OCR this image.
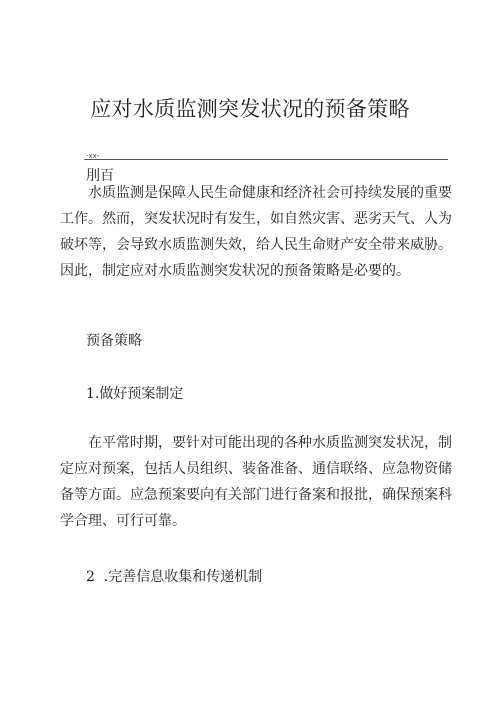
应对水质监测突发状况的预备策略
-xx-
刖百

水质监测是保障人民生命健康和经济社会可持续发展的重要工作。然而，突发状况时有发生，如自然灾害、恶劣天气、人为破坏等，会导致水质监测失效，给人民生命财产安全带来威胁。因此，制定应对水质监测突发状况的预备策略是必要的。

预备策略
1.做好预案制定

在平常时期，要针对可能出现的各种水质监测突发状况，制定应对预案，包括人员组织、装备准备、通信联络、应急物资储备等方面。应急预案要向有关部门进行备案和报批，确保预案科学合理、可行可靠。

2  .完善信息收集和传递机制
